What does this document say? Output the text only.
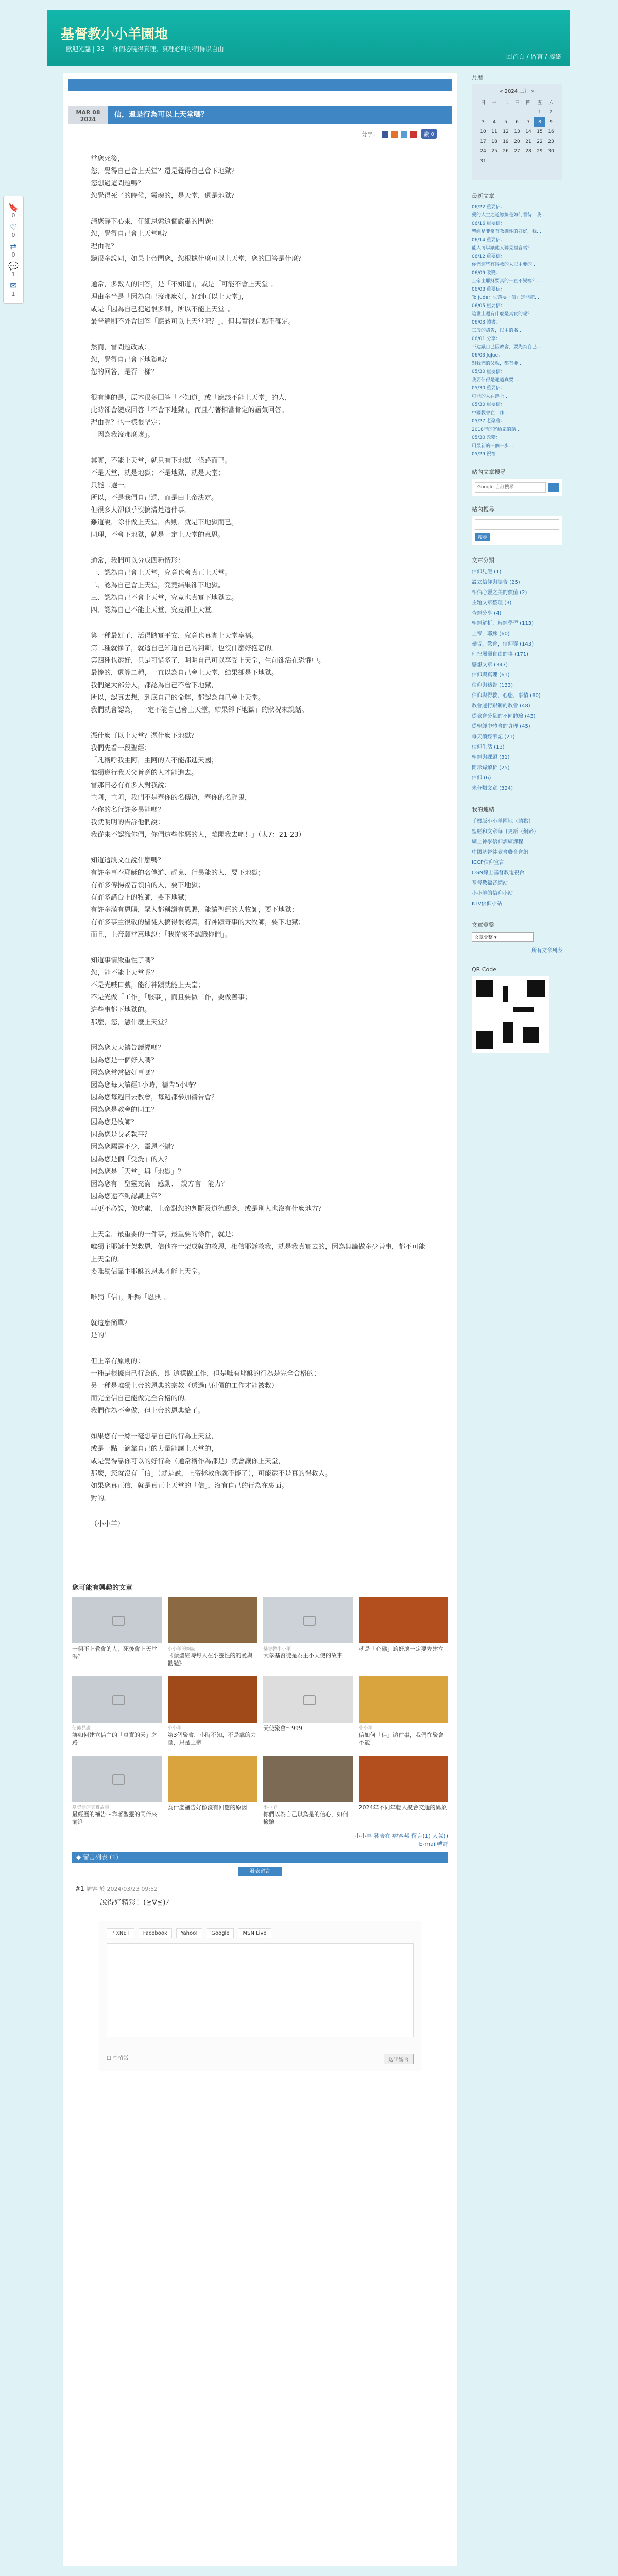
🔖
0
♡
0
⇄
0
💬
1
✉
1
基督教小小羊園地
歡迎光臨 | 32 　你們必曉得真理，真理必叫你們得以自由
回首頁 / 留言 / 聯絡
MAR 08
2024
信，還是行為可以上天堂嗎？
分享：	讚 0

當您死後，
您，覺得自己會上天堂？還是覺得自己會下地獄？
您想過這問題嗎？
您覺得死了的時候，靈魂的，是天堂，還是地獄？

請您靜下心來，仔細思索這個嚴肅的問題：
您，覺得自己會上天堂嗎？
理由呢？
聽很多說同，如果上帝問您，您根據什麼可以上天堂，您的回答是什麼？

通常，多數人的回答，是「不知道」，或是「可能不會上天堂」。
理由多半是「因為自己沒那麼好，好到可以上天堂」，
或是「因為自己犯過很多罪，所以不能上天堂」。
最普遍則不外會回答「應該可以上天堂吧？」，但其實很有點不確定。

然而，當問題改成：
您，覺得自己會下地獄嗎？
您的回答，是否一樣？

很有趣的是，原本很多回答「不知道」或「應該不能上天堂」的人，
此時卻會變成回答「不會下地獄」，而且有著相當肯定的語氣回答。
理由呢？也一樣很堅定：
「因為我沒那麼壞」。

其實，不能上天堂，就只有下地獄一條路而已。
不是天堂，就是地獄；不是地獄，就是天堂；
只能二選一。
所以，不是我們自己選，而是由上帝決定。
但很多人卻似乎沒搞清楚這件事。
難道說，除非做上天堂，否則，就是下地獄而已。
同理，不會下地獄，就是一定上天堂的意思。

通常，我們可以分成四種情形：
一、認為自己會上天堂，究竟也會真正上天堂。
二、認為自己會上天堂，究竟結果卻下地獄。
三、認為自己不會上天堂，究竟也真實下地獄去。
四、認為自己不能上天堂，究竟卻上天堂。

第一種最好了，活得踏實平安，究竟也真實上天堂享福。
第二種就慘了，就這自己知道自己的判斷，也沒什麼好抱怨的。
第四種也還好，只是可惜多了，明明自己可以享受上天堂，生前卻活在恐懼中。
最慘的，還算二種，一直以為自己會上天堂，結果卻是下地獄。
我們絕大部分人，都認為自己不會下地獄，
所以，認真去想，到底自己的命運，都認為自己會上天堂。
我們就會認為，「一定不能自己會上天堂，結果卻下地獄」的狀況來說話。

憑什麼可以上天堂？憑什麼下地獄？
我們先看一段聖經：
「凡稱呼我主阿，主阿的人不能都進天國；
惟獨遵行我天父旨意的人才能進去。
當那日必有許多人對我說：
主阿，主阿，我們不是奉你的名傳道，奉你的名趕鬼，
奉你的名行許多異能嗎？
我就明明的告訴他們說：
我從來不認識你們，你們這些作惡的人，離開我去吧！」（太7：21-23）

知道這段文在說什麼嗎？
有許多事奉耶穌的名傳道、趕鬼、行異能的人，要下地獄；
有許多傳揚福音領信的人，要下地獄；
有許多講台上的牧師，要下地獄；
有許多滿有恩賜，眾人都稱讚有恩賜，能讀聖經的大牧師，要下地獄；
有許多事主很敬的聖徒人搞得很認真，行神蹟奇事的大牧師，要下地獄；
而且，上帝願當萬地說：「我從來不認識你們」。

知道事情嚴重性了嗎？
您，能不能上天堂呢？
不是光喊口號，能行神蹟就能上天堂；
不是光做「工作」「服事」，而且要做工作，要做善事；
這些事都下地獄的。
那麼，您，憑什麼上天堂？

因為您天天禱告讀經嗎？
因為您是一個好人嗎？
因為您常常做好事嗎？
因為您每天讀經1小時，禱告5小時？
因為您每週日去教會，每週都參加禱告會？
因為您是教會的同工？
因為您是牧師？
因為您是長老執事？
因為您屬靈不少，靈恩不錯？
因為您是個「受洗」的人？
因為您是「天堂」與「地獄」？
因為您有「聖靈充滿」感動、「說方言」能力？
因為您還不夠認識上帝？
再更不必說，像吃素，上帝對您的判斷及道德觀念，或是別人也沒有什麼地方？

上天堂，最重要的一件事，最重要的條件，就是：
唯獨主耶穌十架救恩，信他在十架成就的救恩，相信耶穌救我，就是我真實去的，因為無論做多少善事，都不可能上天堂的。
要唯獨信靠主耶穌的恩典才能上天堂。

唯獨「信」，唯獨「恩典」。

就這麼簡單？
是的！

但上帝有原則的：
一種是根據自己行為的，即 這樣做工作，但是唯有耶穌的行為是完全合格的；
另一種是唯獨上帝的恩典的宗教（透過已付價的工作才能被救）
而完全信自己能做完全合格的的。
我們作為不會做，但上帝的恩典給了。

如果您有一絲一毫想靠自己的行為上天堂，
或是一點一滴靠自己的力量能讓上天堂的，
或是覺得靠你可以的好行為（通常稱作為都是）就會讓你上天堂，
那麼，您就沒有「信」（就是說，上帝拯救你就不能了），可能還不是真的得救人。
如果您真正信，就是真正上天堂的「信」，沒有自己的行為在裏面。
對的。

（小小羊）

您可能有興趣的文章
一個不上教會的人，死後會上天堂嗎？
小小羊的網誌
《讀聖經時每人在小靈性的的愛與勸勉》
基督教小小羊
大學基督徒是為主小天使的故事
就是「心態」的好壞一定要先建立
信仰見證
讓如何建立信主的「真實的天」之路
小小羊
第3個聚會，小時不知，不是靠的力量，只是上帝
天使聚會〜999	小小羊
信如何「信」這件事，我們在聚會不能
基督徒的真實故事
最經歷的禱告〜靠著聖靈的同伴來前進
為什麼禱告好像沒有回應的原因	小小羊
你們以為自己以為是的信心，如何檢驗
2024年不同年輕人聚會交通的異象
小小羊 發表在 痞客邦 留言(1) 人氣()
E-mail轉寄
◆ 留言列表 (1)
發表留言
#1 訪客 於 2024/03/23 09:52
說得好精彩！(≧∇≦)ﾉ
PIXNET	Facebook	Yahoo!	Google	MSN Live
☐ 悄悄話	送出留言
月曆
« 2024 三月 »
日	一	二	三	四	五	六
					1	2
3	4	5	6	7	8	9
10	11	12	13	14	15	16
17	18	19	20	21	22	23
24	25	26	27	28	29	30
31						
最新文章
06/22 重要信：
愛的人生之道導線是如何看待，我…
06/16 重要信：
聖經是非常有教訓性的好好，我…
06/14 重要信：
能人可以讓他人聽見福音嗎？
06/12 重要信：
你們這些有得救的人以主要的…
06/09 改變：
上帝主耶穌要真的一直不變嗎？…
06/08 重要信：
To Jude：失落要「信」定能把…
06/05 重要信：
這世上還有什麼是真實的呢？
06/03 讀書：
三段的禱告，以主的名…
06/01 分享：
不建議自己因教會，要先為自己…
06/03 JuJue：
對我們的父親，都有要…
05/30 重要信：
我要信得是通過真要…
05/30 重要信：
可能的人在路上…
05/30 重要信：
中國教會在工作…
05/27 老聚會：
2018年的寄給家的話…
05/30 改變：
用最新的一個一步…
05/29 祝福
站內文章搜尋
Google 自訂搜尋
站內搜尋
搜尋
文章分類
信仰見證 (1)
設立信仰與禱告 (25)
相信心靈之美的價值 (2)
主題文章整理 (3)
查經分享 (4)
聖經解析，解經學習 (113)
上帝，耶穌 (60)
禱告，教會，信仰等 (143)
理把屬靈自由的事 (171)
感想文章 (347)
信仰與真理 (61)
信仰與禱告 (133)
信仰與得救，心態，事情 (60)
教會運行跟制的教會 (48)
從教會分量的不同體驗 (43)
從聖經中體會的真理 (45)
每天讀經筆記 (21)
信仰生活 (13)
聖經與課題 (31)
開示錄解析 (25)
信仰 (6)
未分類文章 (324)
我的連結
手機版小小羊園地（請點）
聖經和文章每日更新（網路）
網上神學信仰訓練課程
中國基督徒教會聯合會網
ICCP信仰宣言
CGN線上基督教電視台
基督教福音網站
小小羊的信仰小站
KTV信仰小站
文章彙整
文章彙整 ▾
所有文章列表
QR Code
